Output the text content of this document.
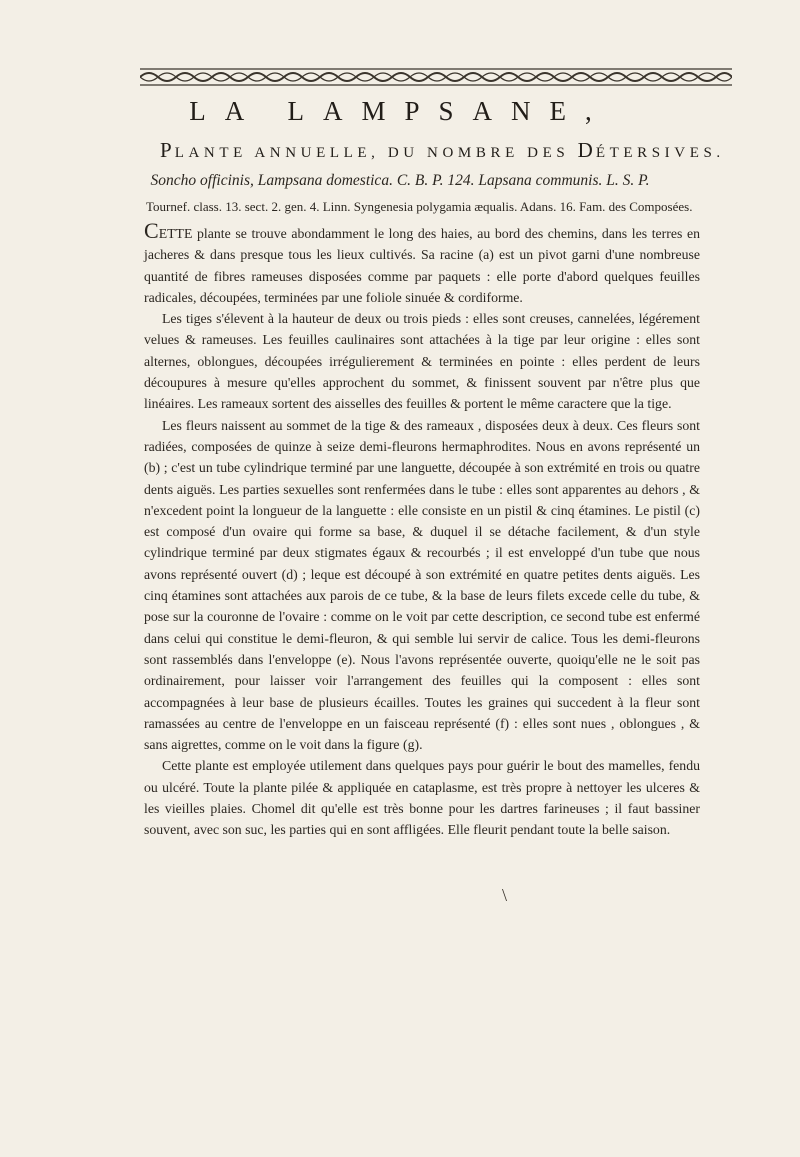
LA LAMPSANE,
PLANTE ANNUELLE, DU NOMBRE DES DÉTERSIVES.

Soncho officinis, Lampsana domestica. C. B. P. 124. Lapsana communis. L. S. P.

Tournef. class. 13. sect. 2. gen. 4. Linn. Syngenesia polygamia æqualis. Adans. 16. Fam. des Composées.

CETTE plante se trouve abondamment le long des haies, au bord des chemins, dans les terres en jacheres & dans presque tous les lieux cultivés. Sa racine (a) est un pivot garni d'une nombreuse quantité de fibres rameuses disposées comme par paquets : elle porte d'abord quelques feuilles radicales, découpées, terminées par une foliole sinuée & cordiforme.

Les tiges s'élevent à la hauteur de deux ou trois pieds : elles sont creuses, cannelées, légérement velues & rameuses. Les feuilles caulinaires sont attachées à la tige par leur origine : elles sont alternes, oblongues, découpées irrégulierement & terminées en pointe : elles perdent de leurs découpures à mesure qu'elles approchent du sommet, & finissent souvent par n'être plus que linéaires. Les rameaux sortent des aisselles des feuilles & portent le même caractere que la tige.

Les fleurs naissent au sommet de la tige & des rameaux , disposées deux à deux. Ces fleurs sont radiées, composées de quinze à seize demi-fleurons hermaphrodites. Nous en avons représenté un (b) ; c'est un tube cylindrique terminé par une languette, découpée à son extrémité en trois ou quatre dents aiguës. Les parties sexuelles sont renfermées dans le tube : elles sont apparentes au dehors , & n'excedent point la longueur de la languette : elle consiste en un pistil & cinq étamines. Le pistil (c) est composé d'un ovaire qui forme sa base, & duquel il se détache facilement, & d'un style cylindrique terminé par deux stigmates égaux & recourbés ; il est enveloppé d'un tube que nous avons représenté ouvert (d) ; leque est découpé à son extrémité en quatre petites dents aiguës. Les cinq étamines sont attachées aux parois de ce tube, & la base de leurs filets excede celle du tube, & pose sur la couronne de l'ovaire : comme on le voit par cette description, ce second tube est enfermé dans celui qui constitue le demi-fleuron, & qui semble lui servir de calice. Tous les demi-fleurons sont rassemblés dans l'enveloppe (e). Nous l'avons représentée ouverte, quoiqu'elle ne le soit pas ordinairement, pour laisser voir l'arrangement des feuilles qui la composent : elles sont accompagnées à leur base de plusieurs écailles. Toutes les graines qui succedent à la fleur sont ramassées au centre de l'enveloppe en un faisceau représenté (f) : elles sont nues , oblongues , & sans aigrettes, comme on le voit dans la figure (g).

Cette plante est employée utilement dans quelques pays pour guérir le bout des mamelles, fendu ou ulcéré. Toute la plante pilée & appliquée en cataplasme, est très propre à nettoyer les ulceres & les vieilles plaies. Chomel dit qu'elle est très bonne pour les dartres farineuses ; il faut bassiner souvent, avec son suc, les parties qui en sont affligées. Elle fleurit pendant toute la belle saison.

\
